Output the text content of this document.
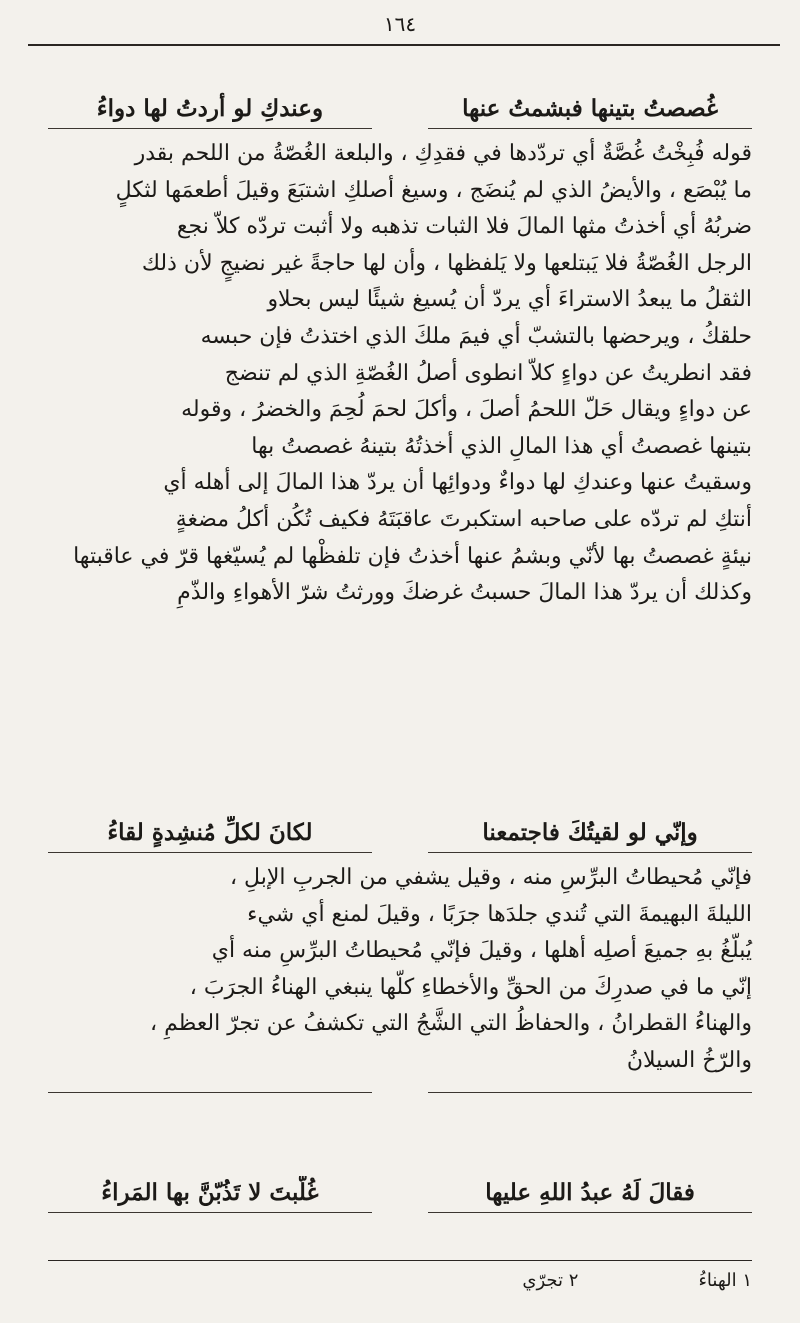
١٦٤
غُصصتُ بتينها فبشمتُ عنها
وعندكِ لو أردتُ لها دواءُ

قوله فُبِخْتُ غُصَّةٌ أي تردّدها في فقدِكِ ، والبلعة الغُصّةُ من اللحم بقدر

ما يُبْصَع ، والأيضُ الذي لم يُنضَج ، وسيغ أصلكِ اشتبَعَ وقيلَ أطعمَها لثكلٍ

ضربُهُ أي أخذتُ مثها المالَ فلا الثبات تذهبه ولا أثبت تردّه كلاّ نجع

الرجل الغُصّةُ فلا يَبتلعها ولا يَلفظها ، وأن لها حاجةً غير نضيجٍ لأن ذلك

الثقلُ ما يبعدُ الاستراءَ أي يردّ أن يُسيغ شيئًا ليس بحلاو

حلقكُ ، ويرحضها بالتشبّ أي فيمَ ملكَ الذي اختذتُ فإن حبسه

فقد انطريتُ عن دواءٍ كلاّ انطوى أصلُ الغُصّةِ الذي لم تنضج

عن دواءٍ ويقال حَلّ اللحمُ أصلَ ، وأكلَ لحمَ لُحِمَ والخضرُ ، وقوله

بتينها غصصتُ أي هذا المالِ الذي أخذتُهُ بتينهُ غصصتُ بها

وسقيتُ عنها وعندكِ لها دواءٌ ودوائِها أن يردّ هذا المالَ إلى أهله أي

أنتكِ لم تردّه على صاحبه استكبرتَ عاقبَتَهُ فكيف تُكُن أكلُ مضغةٍ

نيئةٍ غصصتُ بها لأنّي وبشمُ عنها أخذتُ فإن تلفظْها لم يُسيّغها قرّ في عاقبتها

وكذلك أن يردّ هذا المالَ حسبتُ غرضكَ وورثتُ شرّ الأهواءِ والذّمِ

وإنّي لو لقيتُكَ فاجتمعنا
لكانَ لكلِّ مُنشِدةٍ لقاءُ

فإنّي مُحيطاتُ البرِّسِ منه ، وقيل يشفي من الجربِ الإبلِ ،

الليلةَ البهيمةَ التي تُندي جلدَها جرَبًا ، وقيلَ لمنع أي شيء

يُبلّغُ بهِ جميعَ أصلِه أهلها ، وقيلَ فإنّي مُحيطاتُ البرِّسِ منه أي

إنّي ما في صدرِكَ من الحقِّ والأخطاءِ كلّها ينبغي الهناءُ الجرَبَ ،

والهناءُ القطرانُ ، والحفاظُ التي الشَّجُ التي تكشفُ عن تجرّ العظمِ ،

والرّخُ السيلانُ

فقالَ لَهُ عبدُ اللهِ عليها
غُلّبتَ لا تَذُبّنَّ بها المَراءُ
١ الهناءُ
٢ تجرّي
